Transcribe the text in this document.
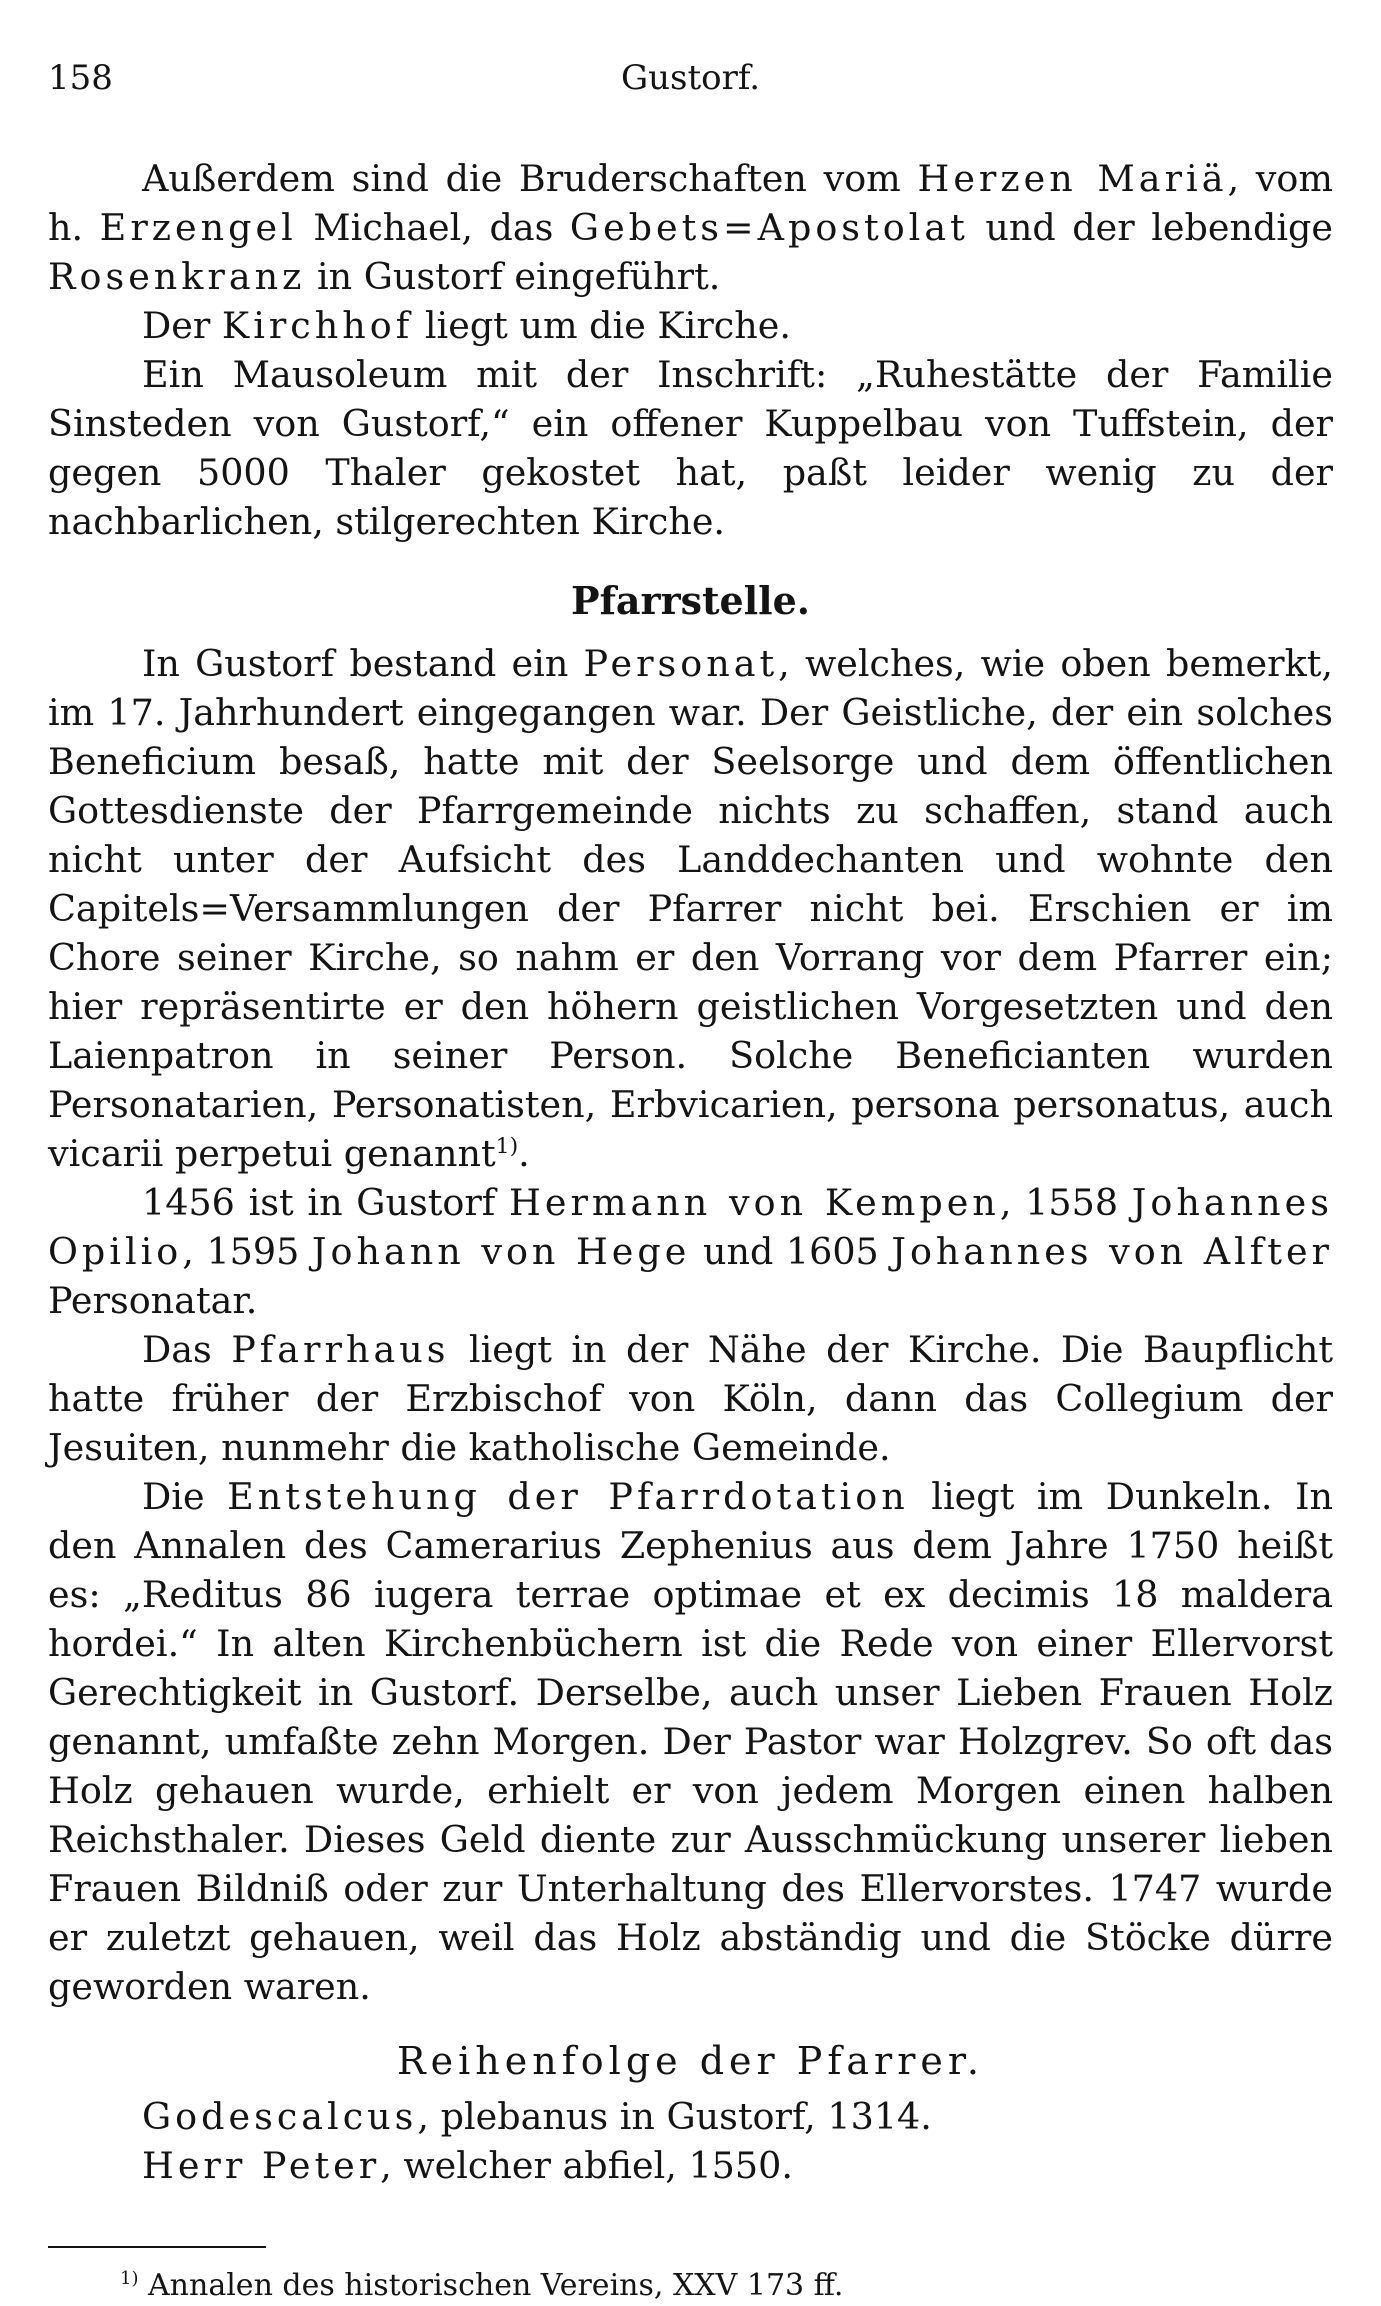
158	Gustorf.

Außerdem sind die Bruderschaften vom Herzen Mariä, vom h. Erzengel Michael, das Gebets=Apostolat und der lebendige Rosenkranz in Gustorf eingeführt.

Der Kirchhof liegt um die Kirche.

Ein Mausoleum mit der Inschrift: „Ruhestätte der Familie Sinsteden von Gustorf,“ ein offener Kuppelbau von Tuffstein, der gegen 5000 Thaler gekostet hat, paßt leider wenig zu der nachbarlichen, stilgerechten Kirche.

Pfarrstelle.

In Gustorf bestand ein Personat, welches, wie oben bemerkt, im 17. Jahrhundert eingegangen war. Der Geistliche, der ein solches Beneficium besaß, hatte mit der Seelsorge und dem öffentlichen Gottesdienste der Pfarrgemeinde nichts zu schaffen, stand auch nicht unter der Aufsicht des Landdechanten und wohnte den Capitels=Versammlungen der Pfarrer nicht bei. Erschien er im Chore seiner Kirche, so nahm er den Vorrang vor dem Pfarrer ein; hier repräsentirte er den höhern geistlichen Vorgesetzten und den Laienpatron in seiner Person. Solche Beneficianten wurden Personatarien, Personatisten, Erbvicarien, persona personatus, auch vicarii perpetui genannt$^{1)}$.

1456 ist in Gustorf Hermann von Kempen, 1558 Johannes Opilio, 1595 Johann von Hege und 1605 Johannes von Alfter Personatar.

Das Pfarrhaus liegt in der Nähe der Kirche. Die Baupflicht hatte früher der Erzbischof von Köln, dann das Collegium der Jesuiten, nunmehr die katholische Gemeinde.

Die Entstehung der Pfarrdotation liegt im Dunkeln. In den Annalen des Camerarius Zephenius aus dem Jahre 1750 heißt es: „Reditus 86 iugera terrae optimae et ex decimis 18 maldera hordei.“ In alten Kirchenbüchern ist die Rede von einer Ellervorst Gerechtigkeit in Gustorf. Derselbe, auch unser Lieben Frauen Holz genannt, umfaßte zehn Morgen. Der Pastor war Holzgrev. So oft das Holz gehauen wurde, erhielt er von jedem Morgen einen halben Reichsthaler. Dieses Geld diente zur Ausschmückung unserer lieben Frauen Bildniß oder zur Unterhaltung des Ellervorstes. 1747 wurde er zuletzt gehauen, weil das Holz abständig und die Stöcke dürre geworden waren.

Reihenfolge der Pfarrer.

Godescalcus, plebanus in Gustorf, 1314.

Herr Peter, welcher abfiel, 1550.

$^{1)}$ Annalen des historischen Vereins, XXV 173 ff.
